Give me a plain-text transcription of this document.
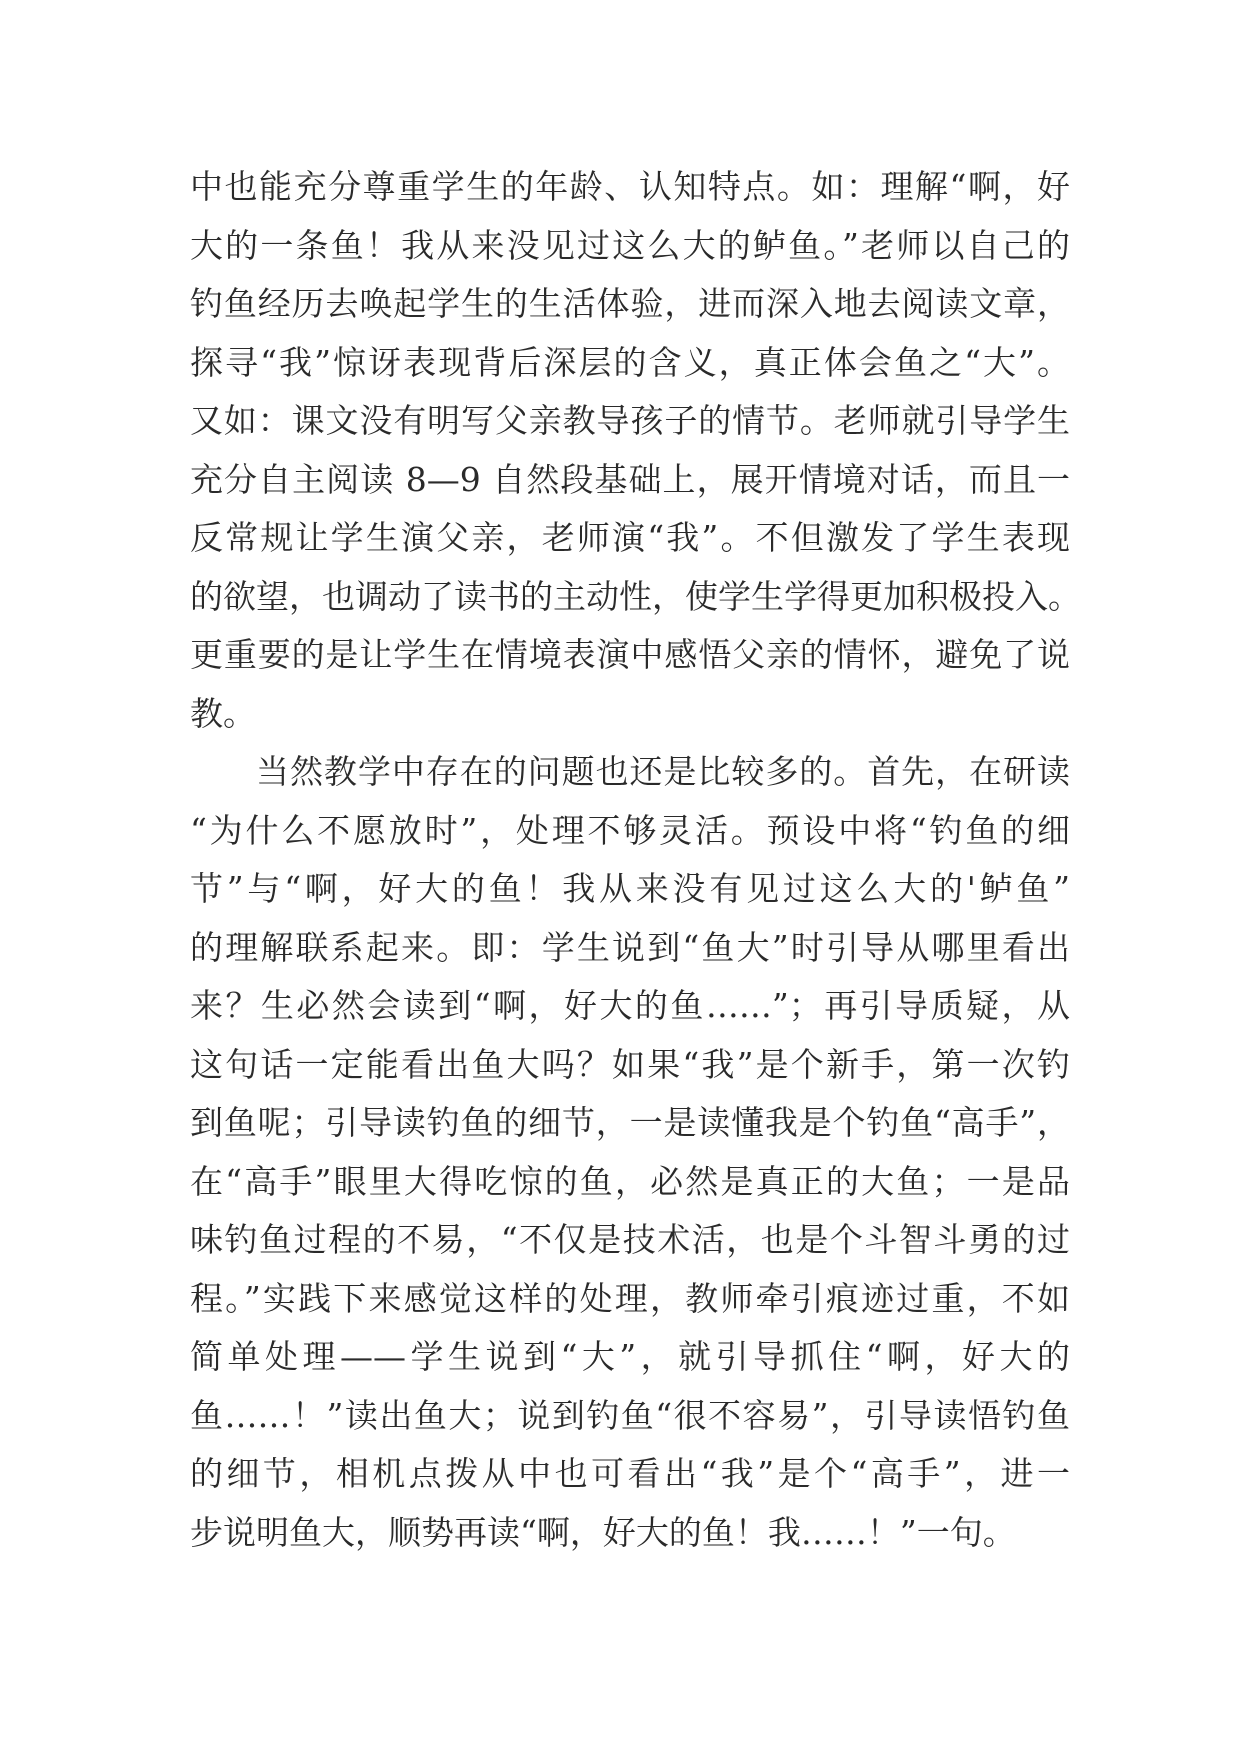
中也能充分尊重学生的年龄、认知特点。如：理解“啊，好
大的一条鱼！我从来没见过这么大的鲈鱼。”老师以自己的
钓鱼经历去唤起学生的生活体验，进而深入地去阅读文章，
探寻“我”惊讶表现背后深层的含义，真正体会鱼之“大”。
又如：课文没有明写父亲教导孩子的情节。老师就引导学生
充分自主阅读 8—9 自然段基础上，展开情境对话，而且一
反常规让学生演父亲，老师演“我”。不但激发了学生表现
的欲望，也调动了读书的主动性，使学生学得更加积极投入。
更重要的是让学生在情境表演中感悟父亲的情怀，避免了说
教。
当然教学中存在的问题也还是比较多的。首先，在研读
“为什么不愿放时”，处理不够灵活。预设中将“钓鱼的细
节”与“啊，好大的鱼！我从来没有见过这么大的'鲈鱼”
的理解联系起来。即：学生说到“鱼大”时引导从哪里看出
来？生必然会读到“啊，好大的鱼……”；再引导质疑，从
这句话一定能看出鱼大吗？如果“我”是个新手，第一次钓
到鱼呢；引导读钓鱼的细节，一是读懂我是个钓鱼“高手”，
在“高手”眼里大得吃惊的鱼，必然是真正的大鱼；一是品
味钓鱼过程的不易，“不仅是技术活，也是个斗智斗勇的过
程。”实践下来感觉这样的处理，教师牵引痕迹过重，不如
简单处理——学生说到“大”，就引导抓住“啊，好大的
鱼……！”读出鱼大；说到钓鱼“很不容易”，引导读悟钓鱼
的细节，相机点拨从中也可看出“我”是个“高手”，进一
步说明鱼大，顺势再读“啊，好大的鱼！我……！”一句。
